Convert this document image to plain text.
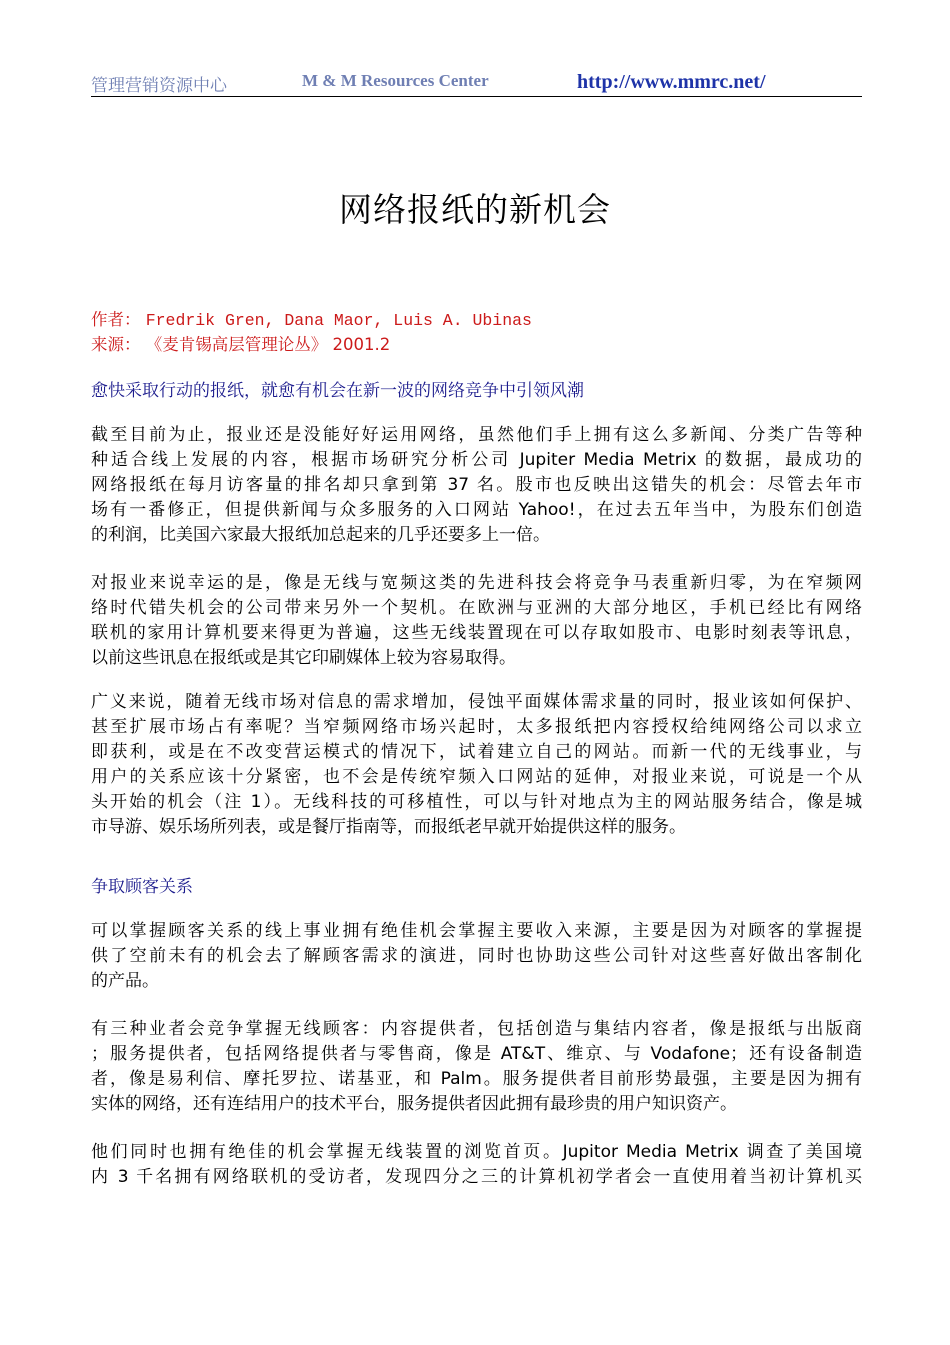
管理营销资源中心	M & M Resources Center	http://www.mmrc.net/
网络报纸的新机会
作者： Fredrik Gren, Dana Maor, Luis A. Ubinas
来源： 《麦肯锡高层管理论丛》 2001.2
愈快采取行动的报纸，就愈有机会在新一波的网络竞争中引领风潮
截至目前为止，报业还是没能好好运用网络，虽然他们手上拥有这么多新闻、分类广告等种
种适合线上发展的内容，根据市场研究分析公司 Jupiter Media Metrix 的数据，最成功的
网络报纸在每月访客量的排名却只拿到第 37 名。股市也反映出这错失的机会：尽管去年市
场有一番修正，但提供新闻与众多服务的入口网站 Yahoo!，在过去五年当中，为股东们创造
的利润，比美国六家最大报纸加总起来的几乎还要多上一倍。
对报业来说幸运的是，像是无线与宽频这类的先进科技会将竞争马表重新归零，为在窄频网
络时代错失机会的公司带来另外一个契机。在欧洲与亚洲的大部分地区，手机已经比有网络
联机的家用计算机要来得更为普遍，这些无线装置现在可以存取如股市、电影时刻表等讯息，
以前这些讯息在报纸或是其它印刷媒体上较为容易取得。
广义来说，随着无线市场对信息的需求增加，侵蚀平面媒体需求量的同时，报业该如何保护、
甚至扩展市场占有率呢？当窄频网络市场兴起时，太多报纸把内容授权给纯网络公司以求立
即获利，或是在不改变营运模式的情况下，试着建立自己的网站。而新一代的无线事业，与
用户的关系应该十分紧密，也不会是传统窄频入口网站的延伸，对报业来说，可说是一个从
头开始的机会（注 1）。无线科技的可移植性，可以与针对地点为主的网站服务结合，像是城
市导游、娱乐场所列表，或是餐厅指南等，而报纸老早就开始提供这样的服务。
争取顾客关系
可以掌握顾客关系的线上事业拥有绝佳机会掌握主要收入来源，主要是因为对顾客的掌握提
供了空前未有的机会去了解顾客需求的演进，同时也协助这些公司针对这些喜好做出客制化
的产品。
有三种业者会竞争掌握无线顾客：内容提供者，包括创造与集结内容者，像是报纸与出版商
；服务提供者，包括网络提供者与零售商，像是 AT&T、维京、与 Vodafone；还有设备制造
者，像是易利信、摩托罗拉、诺基亚，和 Palm。服务提供者目前形势最强，主要是因为拥有
实体的网络，还有连结用户的技术平台，服务提供者因此拥有最珍贵的用户知识资产。
他们同时也拥有绝佳的机会掌握无线装置的浏览首页。Jupitor Media Metrix 调查了美国境
内 3 千名拥有网络联机的受访者，发现四分之三的计算机初学者会一直使用着当初计算机买
